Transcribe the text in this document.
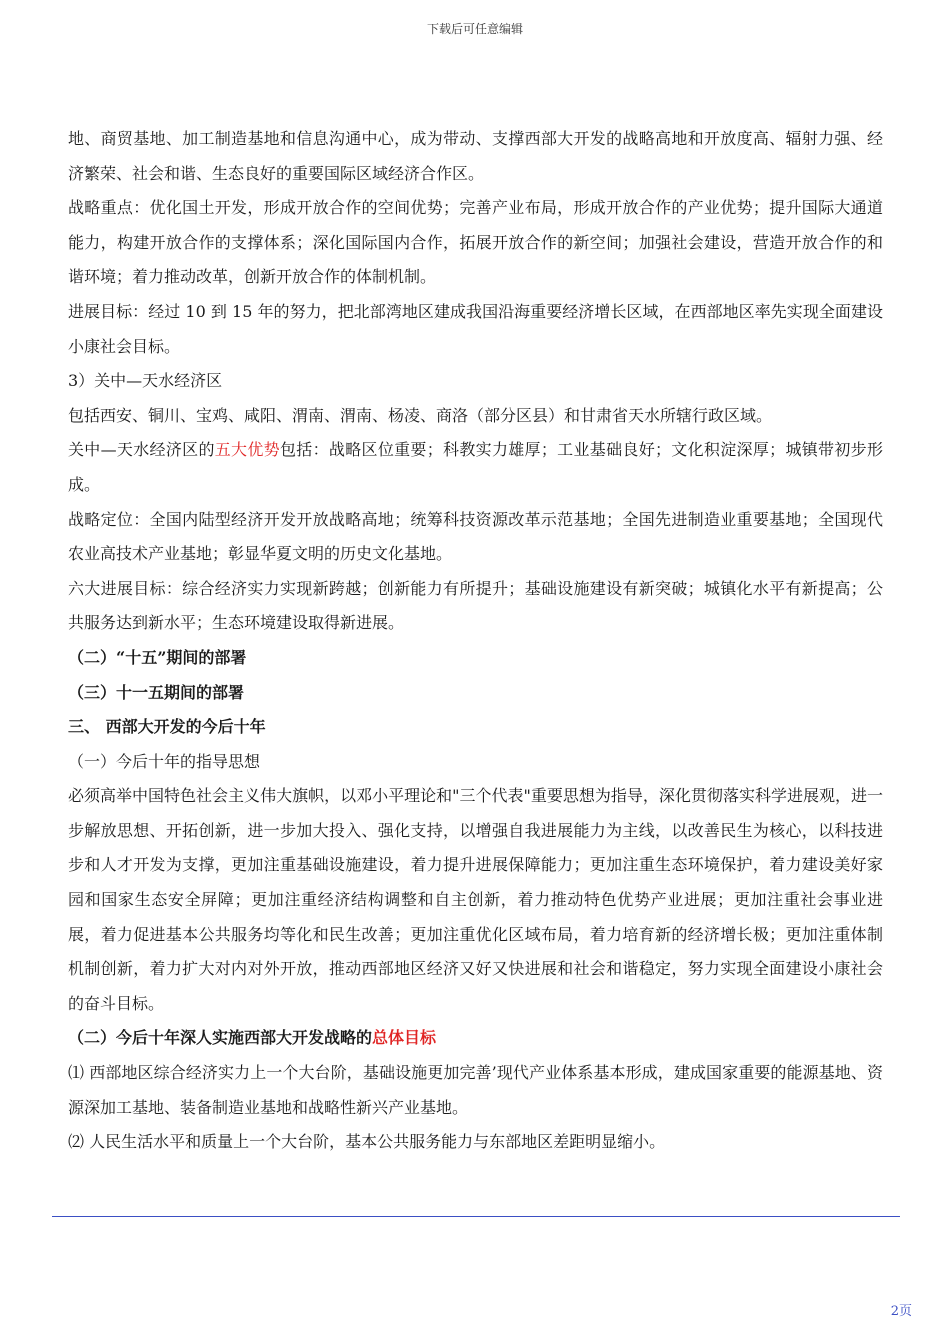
下载后可任意编辑

地、商贸基地、加工制造基地和信息沟通中心，成为带动、支撑西部大开发的战略高地和开放度高、辐射力强、经济繁荣、社会和谐、生态良好的重要国际区域经济合作区。

战略重点：优化国土开发，形成开放合作的空间优势；完善产业布局，形成开放合作的产业优势；提升国际大通道能力，构建开放合作的支撑体系；深化国际国内合作，拓展开放合作的新空间；加强社会建设，营造开放合作的和谐环境；着力推动改革，创新开放合作的体制机制。

进展目标：经过 10 到 15 年的努力，把北部湾地区建成我国沿海重要经济增长区域，在西部地区率先实现全面建设小康社会目标。

3）关中—天水经济区

包括西安、铜川、宝鸡、咸阳、渭南、渭南、杨凌、商洛（部分区县）和甘肃省天水所辖行政区域。

关中—天水经济区的五大优势包括：战略区位重要；科教实力雄厚；工业基础良好；文化积淀深厚；城镇带初步形成。

战略定位：全国内陆型经济开发开放战略高地；统筹科技资源改革示范基地；全国先进制造业重要基地；全国现代农业高技术产业基地；彰显华夏文明的历史文化基地。

六大进展目标：综合经济实力实现新跨越；创新能力有所提升；基础设施建设有新突破；城镇化水平有新提高；公共服务达到新水平；生态环境建设取得新进展。

（二）“十五”期间的部署

（三）十一五期间的部署

三、 西部大开发的今后十年

（一）今后十年的指导思想

必须高举中国特色社会主义伟大旗帜，以邓小平理论和"三个代表"重要思想为指导，深化贯彻落实科学进展观，进一步解放思想、开拓创新，进一步加大投入、强化支持，以增强自我进展能力为主线，以改善民生为核心，以科技进步和人才开发为支撑，更加注重基础设施建设，着力提升进展保障能力；更加注重生态环境保护，着力建设美好家园和国家生态安全屏障；更加注重经济结构调整和自主创新，着力推动特色优势产业进展；更加注重社会事业进展，着力促进基本公共服务均等化和民生改善；更加注重优化区域布局，着力培育新的经济增长极；更加注重体制机制创新，着力扩大对内对外开放，推动西部地区经济又好又快进展和社会和谐稳定，努力实现全面建设小康社会的奋斗目标。

（二）今后十年深人实施西部大开发战略的总体目标

⑴ 西部地区综合经济实力上一个大台阶，基础设施更加完善’现代产业体系基本形成，建成国家重要的能源基地、资源深加工基地、装备制造业基地和战略性新兴产业基地。

⑵ 人民生活水平和质量上一个大台阶，基本公共服务能力与东部地区差距明显缩小。

2页
